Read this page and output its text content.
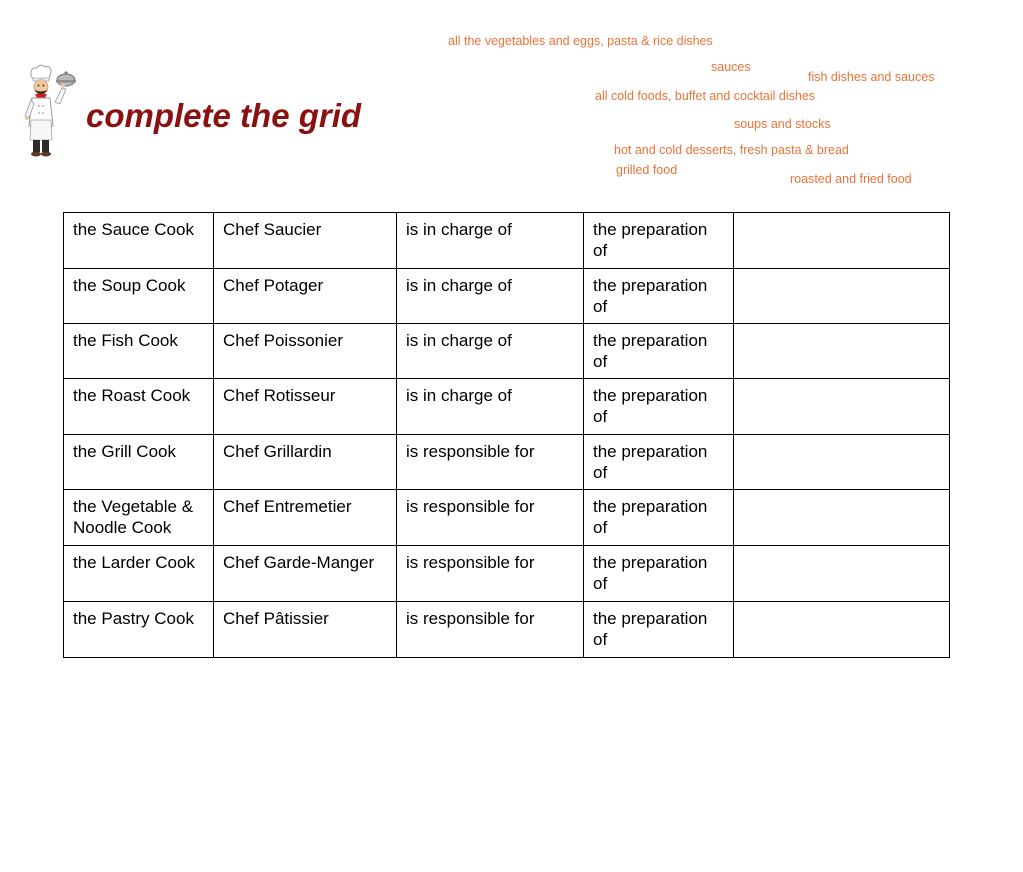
complete the grid
all the vegetables and eggs, pasta & rice dishes
sauces
fish dishes and sauces
all cold foods, buffet and cocktail dishes
soups and stocks
hot and cold desserts, fresh pasta & bread
grilled food
roasted and fried food
the Sauce Cook	Chef Saucier	is in charge of	the preparation of	
the Soup Cook	Chef Potager	is in charge of	the preparation of	
the Fish Cook	Chef Poissonier	is in charge of	the preparation of	
the Roast Cook	Chef Rotisseur	is in charge of	the preparation of	
the Grill Cook	Chef Grillardin	is responsible for	the preparation of	
the Vegetable & Noodle Cook	Chef Entremetier	is responsible for	the preparation of	
the Larder Cook	Chef Garde-Manger	is responsible for	the preparation of	
the Pastry Cook	Chef Pâtissier	is responsible for	the preparation of	
